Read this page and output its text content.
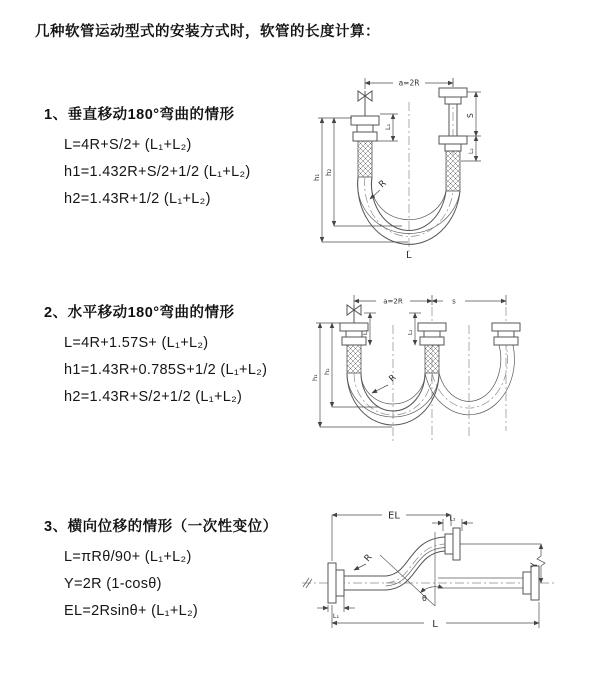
几种软管运动型式的安装方式时，软管的长度计算：
1、垂直移动180°弯曲的情形
L=4R+S/2+ (L₁+L₂)
h1=1.432R+S/2+1/2 (L₁+L₂)
h2=1.43R+1/2 (L₁+L₂)
2、水平移动180°弯曲的情形
L=4R+1.57S+ (L₁+L₂)
h1=1.43R+0.785S+1/2 (L₁+L₂)
h2=1.43R+S/2+1/2 (L₁+L₂)
3、横向位移的情形（一次性变位）
L=πRθ/90+ (L₁+L₂)
Y=2R (1-cosθ)
EL=2Rsinθ+ (L₁+L₂)
a=2R
h₁
h₂
L₁
S
L₂
R
L
a=2R	s
h₁
h₂
L₁	L₂
R
EL	L₂
θ
R
Y
L
L₁
